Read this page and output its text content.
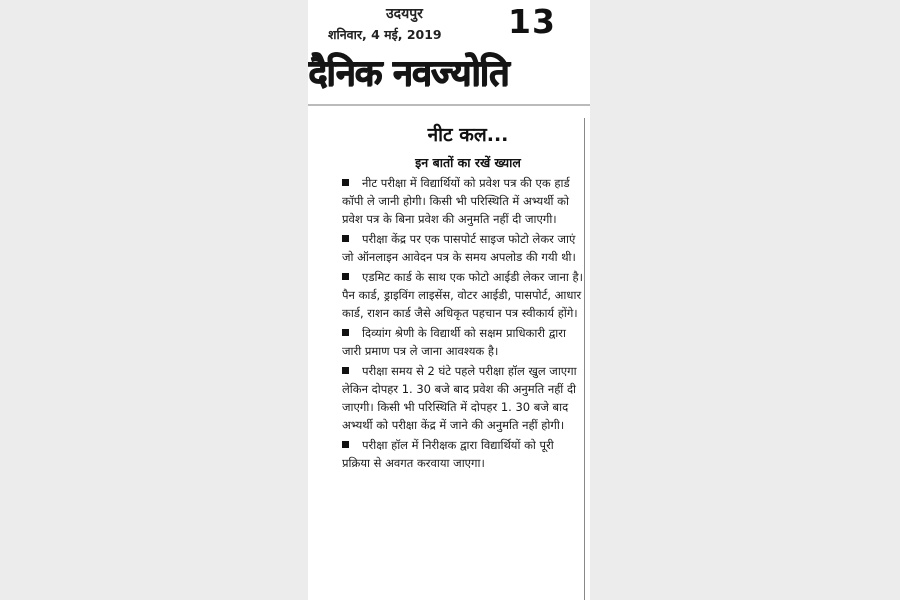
उदयपुर
शनिवार, 4 मई, 2019 13
दैनिक नवज्योति
नीट कल...
इन बातों का रखें ख्याल
नीट परीक्षा में विद्यार्थियों को प्रवेश पत्र की एक हार्ड कॉपी ले जानी होगी। किसी भी परिस्थिति में अभ्यर्थी को प्रवेश पत्र के बिना प्रवेश की अनुमति नहीं दी जाएगी।
परीक्षा केंद्र पर एक पासपोर्ट साइज फोटो लेकर जाएं जो ऑनलाइन आवेदन पत्र के समय अपलोड की गयी थी।
एडमिट कार्ड के साथ एक फोटो आईडी लेकर जाना है। पैन कार्ड, ड्राइविंग लाइसेंस, वोटर आईडी, पासपोर्ट, आधार कार्ड, राशन कार्ड जैसे अधिकृत पहचान पत्र स्वीकार्य होंगे।
दिव्यांग श्रेणी के विद्यार्थी को सक्षम प्राधिकारी द्वारा जारी प्रमाण पत्र ले जाना आवश्यक है।
परीक्षा समय से 2 घंटे पहले परीक्षा हॉल खुल जाएगा लेकिन दोपहर 1. 30 बजे बाद प्रवेश की अनुमति नहीं दी जाएगी। किसी भी परिस्थिति में दोपहर 1. 30 बजे बाद अभ्यर्थी को परीक्षा केंद्र में जाने की अनुमति नहीं होगी।
परीक्षा हॉल में निरीक्षक द्वारा विद्यार्थियों को पूरी प्रक्रिया से अवगत करवाया जाएगा।
